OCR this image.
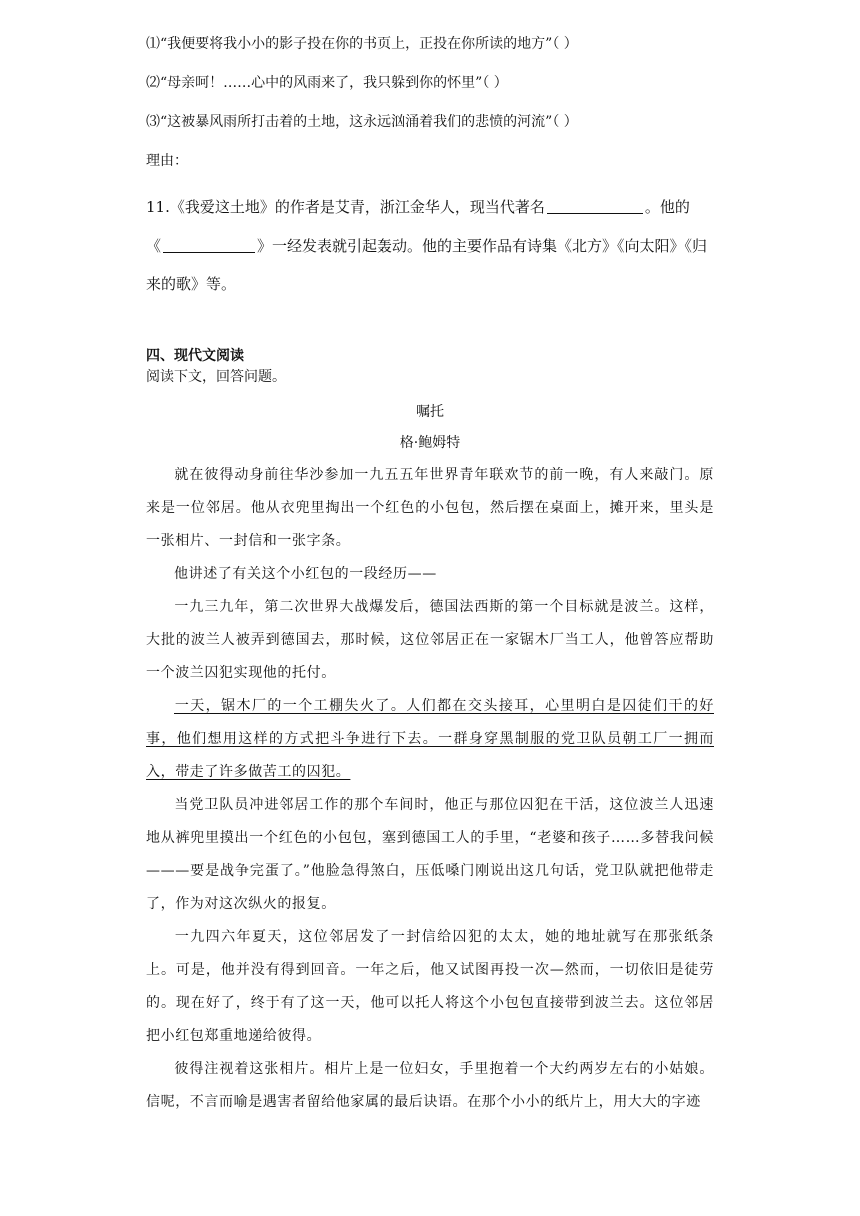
⑴“我便要将我小小的影子投在你的书页上，正投在你所读的地方”（ ）
⑵“母亲呵！……心中的风雨来了，我只躲到你的怀里”（ ）
⑶“这被暴风雨所打击着的土地，这永远汹涌着我们的悲愤的河流”（ ）
理由：
11.《我爱这土地》的作者是艾青，浙江金华人，现当代著名	。他的
《	》一经发表就引起轰动。他的主要作品有诗集《北方》《向太阳》《归
来的歌》等。
四、现代文阅读
阅读下文，回答问题。
嘱托
格·鲍姆特
就在彼得动身前往华沙参加一九五五年世界青年联欢节的前一晚，有人来敲门。原来是一位邻居。他从衣兜里掏出一个红色的小包包，然后摆在桌面上，摊开来，里头是一张相片、一封信和一张字条。
他讲述了有关这个小红包的一段经历——
一九三九年，第二次世界大战爆发后，德国法西斯的第一个目标就是波兰。这样，大批的波兰人被弄到德国去，那时候，这位邻居正在一家锯木厂当工人，他曾答应帮助一个波兰囚犯实现他的托付。
一天，锯木厂的一个工棚失火了。人们都在交头接耳，心里明白是囚徒们干的好事，他们想用这样的方式把斗争进行下去。一群身穿黑制服的党卫队员朝工厂一拥而入，带走了许多做苦工的囚犯。
当党卫队员冲进邻居工作的那个车间时，他正与那位囚犯在干活，这位波兰人迅速地从裤兜里摸出一个红色的小包包，塞到德国工人的手里，“老婆和孩子……多替我问候———要是战争完蛋了。”他脸急得煞白，压低嗓门刚说出这几句话，党卫队就把他带走了，作为对这次纵火的报复。
一九四六年夏天，这位邻居发了一封信给囚犯的太太，她的地址就写在那张纸条上。可是，他并没有得到回音。一年之后，他又试图再投一次—然而，一切依旧是徒劳的。现在好了，终于有了这一天，他可以托人将这个小包包直接带到波兰去。这位邻居把小红包郑重地递给彼得。
彼得注视着这张相片。相片上是一位妇女，手里抱着一个大约两岁左右的小姑娘。信呢，不言而喻是遇害者留给他家属的最后诀语。在那个小小的纸片上，用大大的字迹
